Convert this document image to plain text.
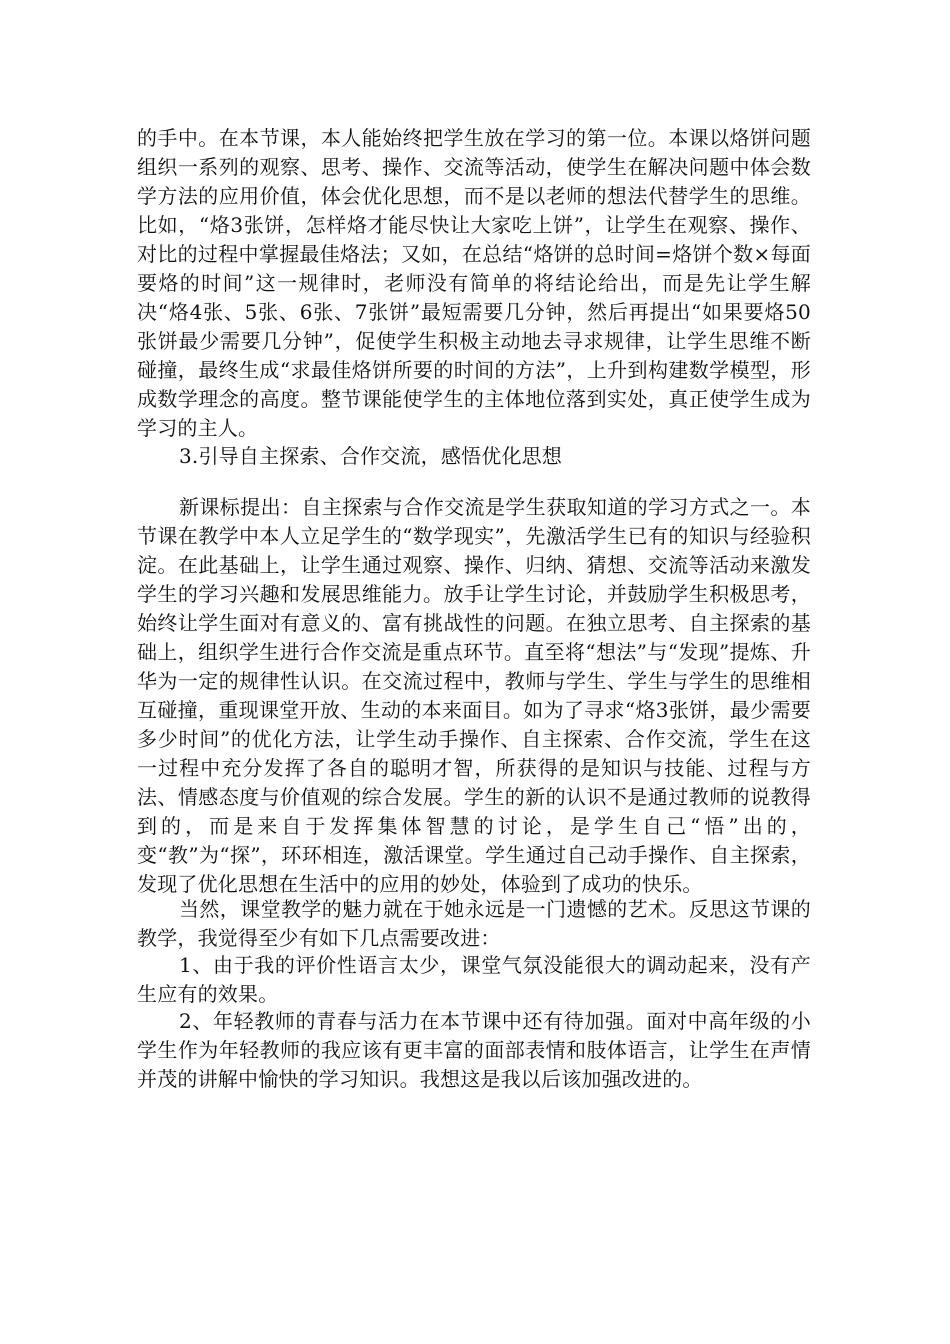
的手中。在本节课，本人能始终把学生放在学习的第一位。本课以烙饼问题组织一系列的观察、思考、操作、交流等活动，使学生在解决问题中体会数学方法的应用价值，体会优化思想，而不是以老师的想法代替学生的思维。比如，“烙3张饼，怎样烙才能尽快让大家吃上饼”，让学生在观察、操作、对比的过程中掌握最佳烙法；又如，在总结“烙饼的总时间=烙饼个数×每面要烙的时间”这一规律时，老师没有简单的将结论给出，而是先让学生解决“烙4张、5张、6张、7张饼”最短需要几分钟，然后再提出“如果要烙50张饼最少需要几分钟”，促使学生积极主动地去寻求规律，让学生思维不断碰撞，最终生成“求最佳烙饼所要的时间的方法”，上升到构建数学模型，形成数学理念的高度。整节课能使学生的主体地位落到实处，真正使学生成为学习的主人。

3.引导自主探索、合作交流，感悟优化思想

新课标提出：自主探索与合作交流是学生获取知道的学习方式之一。本节课在教学中本人立足学生的“数学现实”，先激活学生已有的知识与经验积淀。在此基础上，让学生通过观察、操作、归纳、猜想、交流等活动来激发学生的学习兴趣和发展思维能力。放手让学生讨论，并鼓励学生积极思考，始终让学生面对有意义的、富有挑战性的问题。在独立思考、自主探索的基础上，组织学生进行合作交流是重点环节。直至将“想法”与“发现”提炼、升华为一定的规律性认识。在交流过程中，教师与学生、学生与学生的思维相互碰撞，重现课堂开放、生动的本来面目。如为了寻求“烙3张饼，最少需要多少时间”的优化方法，让学生动手操作、自主探索、合作交流，学生在这一过程中充分发挥了各自的聪明才智，所获得的是知识与技能、过程与方法、情感态度与价值观的综合发展。学生的新的认识不是通过教师的说教得到的，而是来自于发挥集体智慧的讨论，是学生自己“悟”出的，变“教”为“探”，环环相连，激活课堂。学生通过自己动手操作、自主探索，发现了优化思想在生活中的应用的妙处，体验到了成功的快乐。

当然，课堂教学的魅力就在于她永远是一门遗憾的艺术。反思这节课的教学，我觉得至少有如下几点需要改进：

1、由于我的评价性语言太少，课堂气氛没能很大的调动起来，没有产生应有的效果。

2、年轻教师的青春与活力在本节课中还有待加强。面对中高年级的小学生作为年轻教师的我应该有更丰富的面部表情和肢体语言，让学生在声情并茂的讲解中愉快的学习知识。我想这是我以后该加强改进的。
